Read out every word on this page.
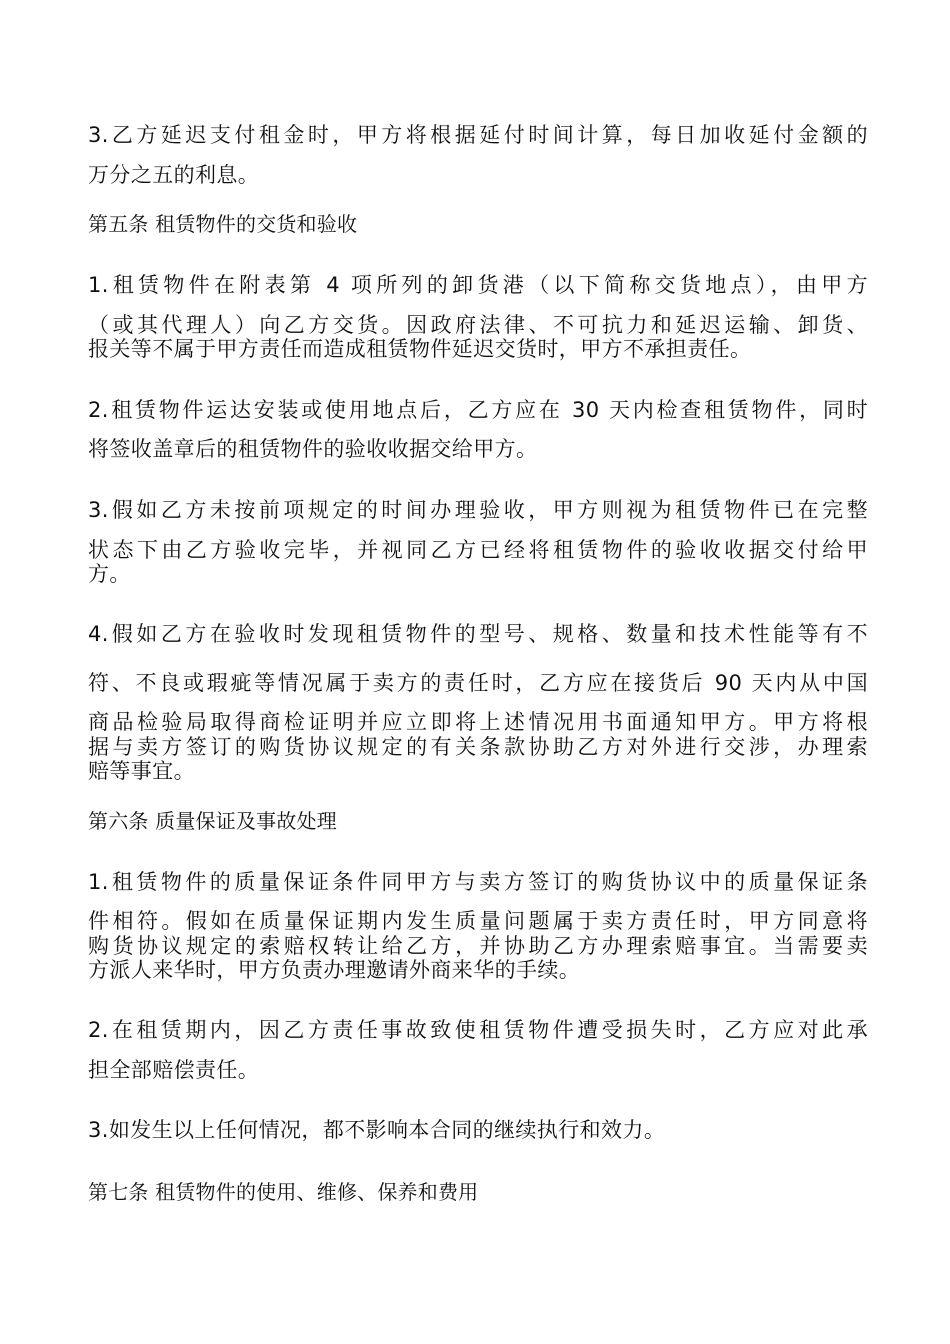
3.乙方延迟支付租金时，甲方将根据延付时间计算，每日加收延付金额的
万分之五的利息。
第五条 租赁物件的交货和验收
1.租赁物件在附表第 4 项所列的卸货港（以下简称交货地点），由甲方
（或其代理人）向乙方交货。因政府法律、不可抗力和延迟运输、卸货、
报关等不属于甲方责任而造成租赁物件延迟交货时，甲方不承担责任。
2.租赁物件运达安装或使用地点后，乙方应在 30 天内检查租赁物件，同时
将签收盖章后的租赁物件的验收收据交给甲方。
3.假如乙方未按前项规定的时间办理验收，甲方则视为租赁物件已在完整
状态下由乙方验收完毕，并视同乙方已经将租赁物件的验收收据交付给甲
方。
4.假如乙方在验收时发现租赁物件的型号、规格、数量和技术性能等有不
符、不良或瑕疵等情况属于卖方的责任时，乙方应在接货后 90 天内从中国
商品检验局取得商检证明并应立即将上述情况用书面通知甲方。甲方将根
据与卖方签订的购货协议规定的有关条款协助乙方对外进行交涉，办理索
赔等事宜。
第六条 质量保证及事故处理
1.租赁物件的质量保证条件同甲方与卖方签订的购货协议中的质量保证条
件相符。假如在质量保证期内发生质量问题属于卖方责任时，甲方同意将
购货协议规定的索赔权转让给乙方，并协助乙方办理索赔事宜。当需要卖
方派人来华时，甲方负责办理邀请外商来华的手续。
2.在租赁期内，因乙方责任事故致使租赁物件遭受损失时，乙方应对此承
担全部赔偿责任。
3.如发生以上任何情况，都不影响本合同的继续执行和效力。
第七条 租赁物件的使用、维修、保养和费用
